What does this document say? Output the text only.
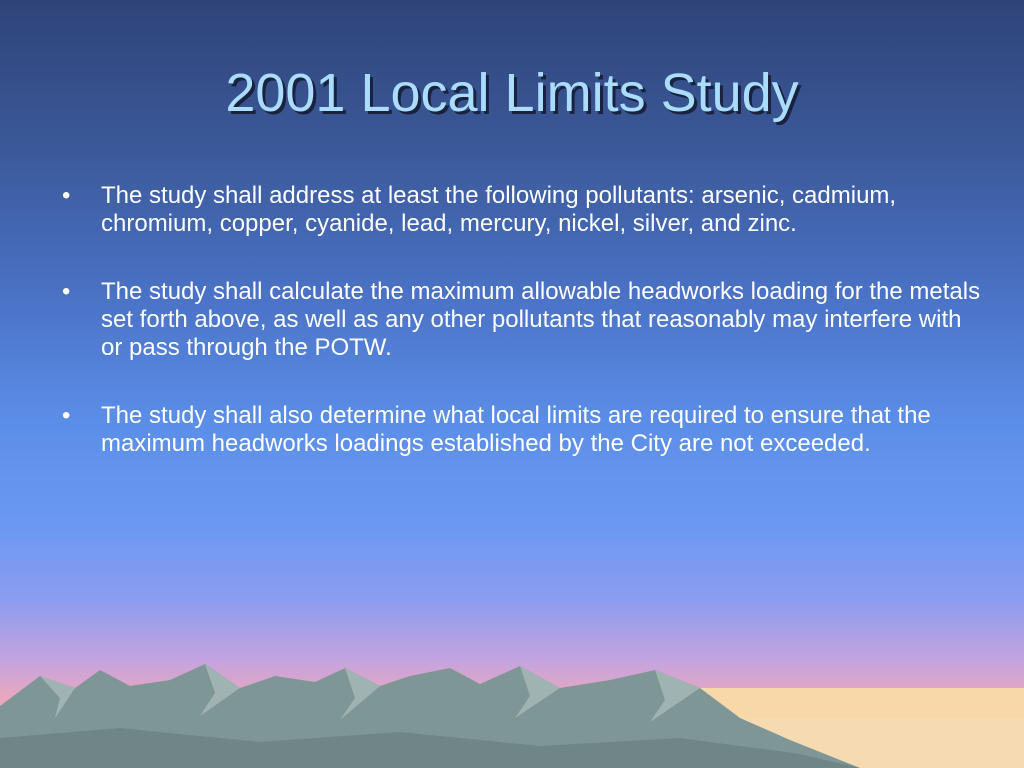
2001 Local Limits Study
• The study shall address at least the following pollutants: arsenic, cadmium, chromium, copper, cyanide, lead, mercury, nickel, silver, and zinc.
• The study shall calculate the maximum allowable headworks loading for the metals set forth above, as well as any other pollutants that reasonably may interfere with or pass through the POTW.
• The study shall also determine what local limits are required to ensure that the maximum headworks loadings established by the City are not exceeded.
